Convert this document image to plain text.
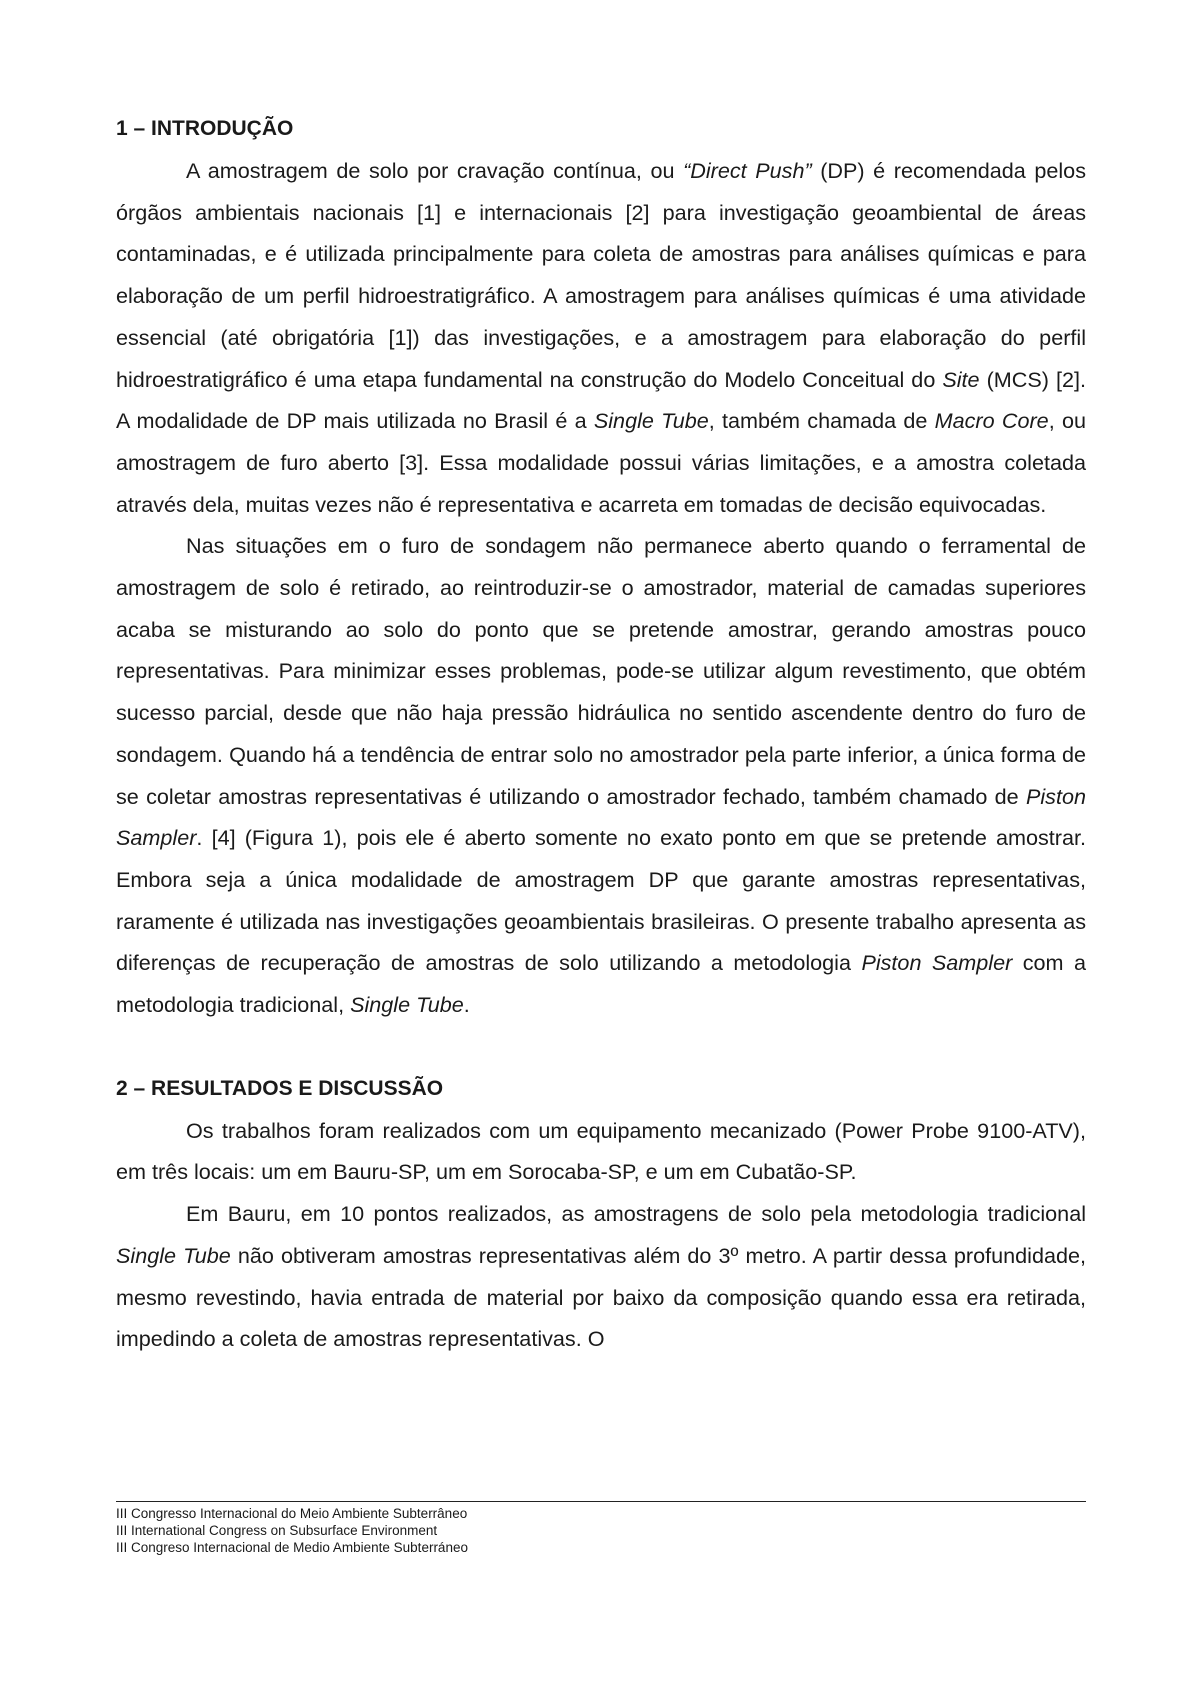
1 – INTRODUÇÃO

A amostragem de solo por cravação contínua, ou “Direct Push” (DP) é recomendada pelos órgãos ambientais nacionais [1] e internacionais [2] para investigação geoambiental de áreas contaminadas, e é utilizada principalmente para coleta de amostras para análises químicas e para elaboração de um perfil hidroestratigráfico. A amostragem para análises químicas é uma atividade essencial (até obrigatória [1]) das investigações, e a amostragem para elaboração do perfil hidroestratigráfico é uma etapa fundamental na construção do Modelo Conceitual do Site (MCS) [2]. A modalidade de DP mais utilizada no Brasil é a Single Tube, também chamada de Macro Core, ou amostragem de furo aberto [3]. Essa modalidade possui várias limitações, e a amostra coletada através dela, muitas vezes não é representativa e acarreta em tomadas de decisão equivocadas.

Nas situações em o furo de sondagem não permanece aberto quando o ferramental de amostragem de solo é retirado, ao reintroduzir-se o amostrador, material de camadas superiores acaba se misturando ao solo do ponto que se pretende amostrar, gerando amostras pouco representativas. Para minimizar esses problemas, pode-se utilizar algum revestimento, que obtém sucesso parcial, desde que não haja pressão hidráulica no sentido ascendente dentro do furo de sondagem. Quando há a tendência de entrar solo no amostrador pela parte inferior, a única forma de se coletar amostras representativas é utilizando o amostrador fechado, também chamado de Piston Sampler. [4] (Figura 1), pois ele é aberto somente no exato ponto em que se pretende amostrar. Embora seja a única modalidade de amostragem DP que garante amostras representativas, raramente é utilizada nas investigações geoambientais brasileiras. O presente trabalho apresenta as diferenças de recuperação de amostras de solo utilizando a metodologia Piston Sampler com a metodologia tradicional, Single Tube.

2 – RESULTADOS E DISCUSSÃO

Os trabalhos foram realizados com um equipamento mecanizado (Power Probe 9100-ATV), em três locais: um em Bauru-SP, um em Sorocaba-SP, e um em Cubatão-SP.

Em Bauru, em 10 pontos realizados, as amostragens de solo pela metodologia tradicional Single Tube não obtiveram amostras representativas além do 3º metro. A partir dessa profundidade, mesmo revestindo, havia entrada de material por baixo da composição quando essa era retirada, impedindo a coleta de amostras representativas. O

III Congresso Internacional do Meio Ambiente Subterrâneo
III International Congress on Subsurface Environment
III Congreso Internacional de Medio Ambiente Subterráneo
